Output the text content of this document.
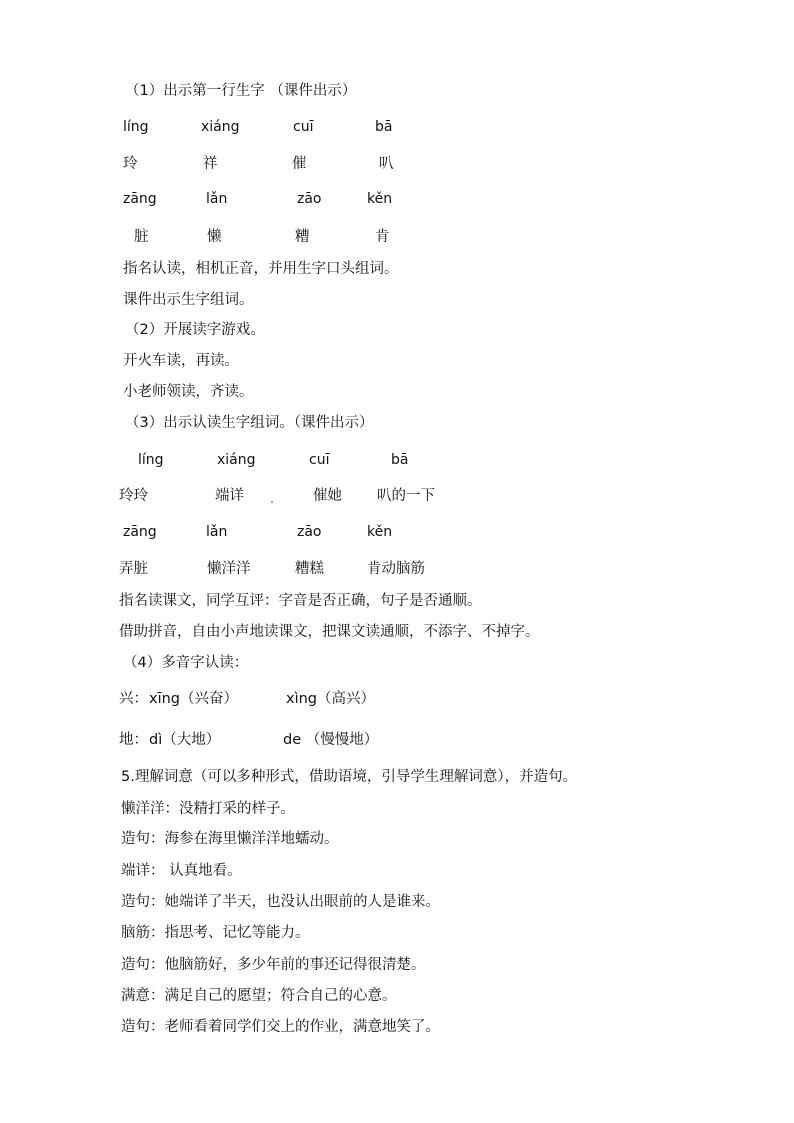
（1）出示第一行生字 （课件出示）
líng	xiáng	cuī	bā
玲	祥	催	叭
zāng	lǎn	zāo	kěn
脏	懒	糟	肯
指名认读，相机正音，并用生字口头组词。
课件出示生字组词。
（2）开展读字游戏。
开火车读，再读。
小老师领读，齐读。
（3）出示认读生字组词。（课件出示）
líng	xiáng	cuī	bā
玲玲	端详	催她 叭的一下
zāng	lǎn	zāo	kěn
弄脏	懒洋洋	糟糕	肯动脑筋
指名读课文，同学互评：字音是否正确，句子是否通顺。
借助拼音，自由小声地读课文，把课文读通顺，不添字、不掉字。
（4）多音字认读：
兴： xīng（兴奋）	xìng（高兴）
地： dì（大地）	de （慢慢地）
5.理解词意（可以多种形式，借助语境，引导学生理解词意），并造句。
懒洋洋：没精打采的样子。
造句：海参在海里懒洋洋地蠕动。
端详： 认真地看。
造句：她端详了半天，也没认出眼前的人是谁来。
脑筋：指思考、记忆等能力。
造句：他脑筋好，多少年前的事还记得很清楚。
满意：满足自己的愿望；符合自己的心意。
造句：老师看着同学们交上的作业，满意地笑了。
